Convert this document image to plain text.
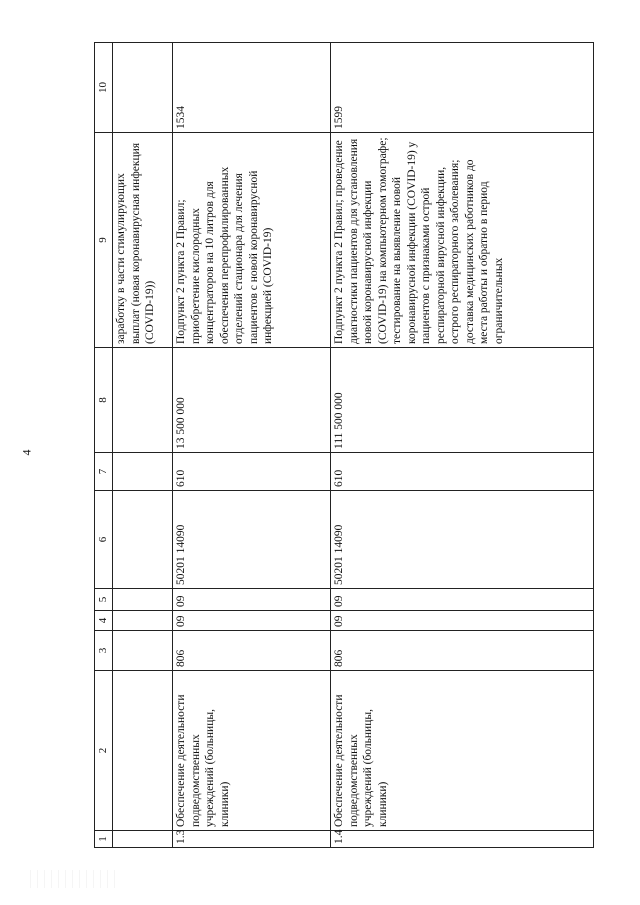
4
1	2	3	4	5	6	7	8	9	10
								заработку в части стимулирующих выплат (новая коронавирусная инфекция (COVID-19))	
1.3	Обеспечение деятельности подведомственных учреждений (больницы, клиники)	806	09	09	50201 14090	610	13 500 000	Подпункт 2 пункта 2 Правил; приобретение кислородных концентраторов на 10 литров для обеспечения перепрофилированных отделений стационара для лечения пациентов с новой коронавирусной инфекцией (COVID-19)	1534
1.4	Обеспечение деятельности подведомственных учреждений (больницы, клиники)	806	09	09	50201 14090	610	111 500 000	Подпункт 2 пункта 2 Правил; проведение диагностики пациентов для установления новой коронавирусной инфекции (COVID-19) на компьютерном томографе; тестирование на выявление новой коронавирусной инфекции (COVID-19) у пациентов с признаками острой респираторной вирусной инфекции, острого респираторного заболевания; доставка медицинских работников до места работы и обратно в период ограничительных	1599
